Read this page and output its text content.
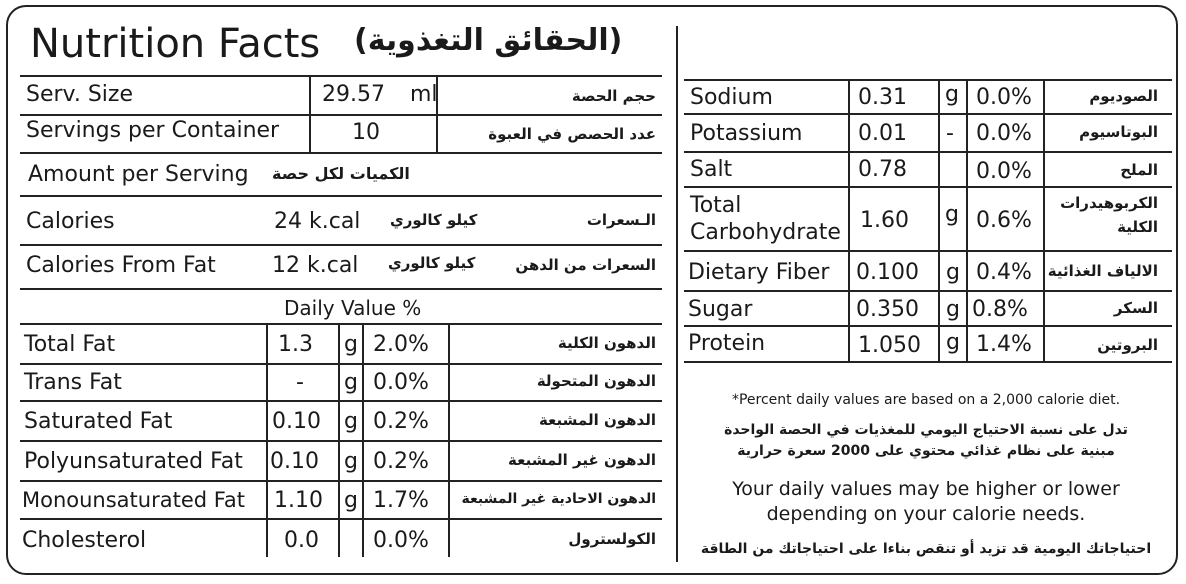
Nutrition Facts (الحقائق التغذوية)
Serv. Size	29.57 ml	حجم الحصة
Servings per Container	10	عدد الحصص في العبوة
Amount per Serving الكميات لكل حصة
Calories	24 k.cal كيلو كالوري	الـسعرات
Calories From Fat	12 k.cal كيلو كالوري	السعرات من الدهن
Daily Value %
Total Fat	1.3 g 2.0%	الدهون الكلية
Trans Fat	- g 0.0%	الدهون المتحولة
Saturated Fat	0.10 g 0.2%	الدهون المشبعة
Polyunsaturated Fat 0.10 g 0.2%	الدهون غير المشبعة
Monounsaturated Fat 1.10 g 1.7% الدهون الاحادية غير المشبعة
Cholesterol	0.0 0.0%	الكولسترول
Sodium	0.31 g 0.0%	الصوديوم
Potassium	0.01 - 0.0%	البوتاسيوم
Salt	0.78	0.0%	الملح
Total
Carbohydrate 1.60 g 0.6%
الكربوهيدرات
الكلية
Dietary Fiber 0.100 g 0.4% الالياف الغذائية
Sugar	0.350 g 0.8%	السكر
Protein	1.050 g 1.4%	البروتين
*Percent daily values are based on a 2,000 calorie diet.
تدل على نسبة الاحتياج اليومي للمغذيات في الحصة الواحدة
مبنية على نظام غذائي محتوي على 2000 سعرة حرارية
Your daily values may be higher or lower
depending on your calorie needs.
احتياجاتك اليومية قد تزيد أو تنقص بناءا على احتياجاتك من الطاقة
